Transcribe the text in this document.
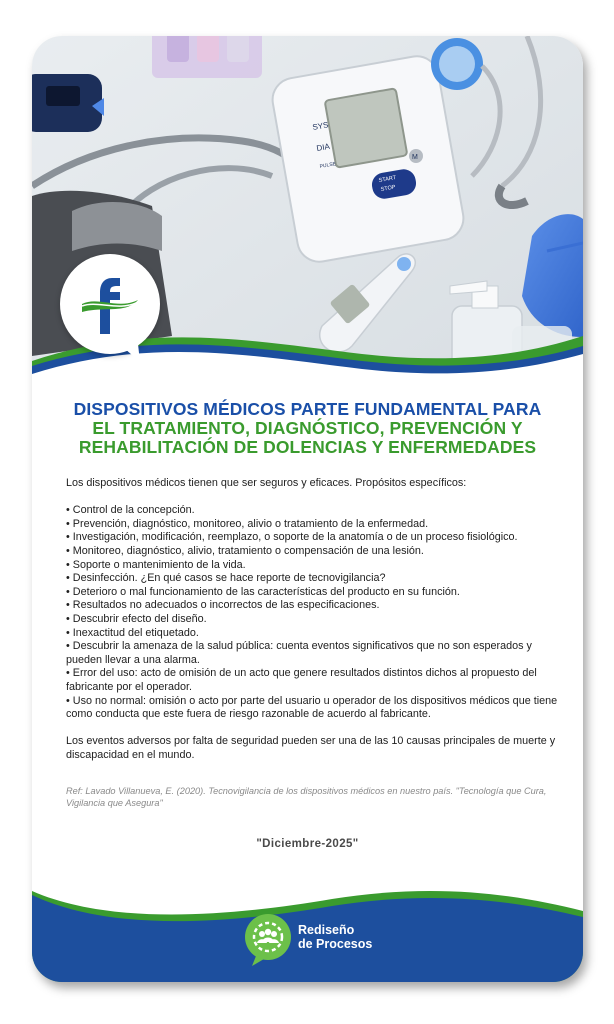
SYS
DIA
PULSE
M
START
STOP
DISPOSITIVOS MÉDICOS PARTE FUNDAMENTAL PARA
EL TRATAMIENTO, DIAGNÓSTICO, PREVENCIÓN Y
REHABILITACIÓN DE DOLENCIAS Y ENFERMEDADES

Los dispositivos médicos tienen que ser seguros y eficaces. Propósitos específicos:

• Control de la concepción.

• Prevención, diagnóstico, monitoreo, alivio o tratamiento de la enfermedad.

• Investigación, modificación, reemplazo, o soporte de la anatomía o de un proceso fisiológico.

• Monitoreo, diagnóstico, alivio, tratamiento o compensación de una lesión.

• Soporte o mantenimiento de la vida.

• Desinfección. ¿En qué casos se hace reporte de tecnovigilancia?

• Deterioro o mal funcionamiento de las características del producto en su función.

• Resultados no adecuados o incorrectos de las especificaciones.

• Descubrir efecto del diseño.

• Inexactitud del etiquetado.

• Descubrir la amenaza de la salud pública: cuenta eventos significativos que no son esperados y pueden llevar a una alarma.

• Error del uso: acto de omisión de un acto que genere resultados distintos dichos al propuesto del fabricante por el operador.

• Uso no normal: omisión o acto por parte del usuario u operador de los dispositivos médicos que tiene como conducta que este fuera de riesgo razonable de acuerdo al fabricante.

Los eventos adversos por falta de seguridad pueden ser una de las 10 causas principales de muerte y discapacidad en el mundo.

Ref: Lavado Villanueva, E. (2020). Tecnovigilancia de los dispositivos médicos en nuestro país. "Tecnología que Cura, Vigilancia que Asegura"
"Diciembre-2025"
Rediseño
de Procesos
